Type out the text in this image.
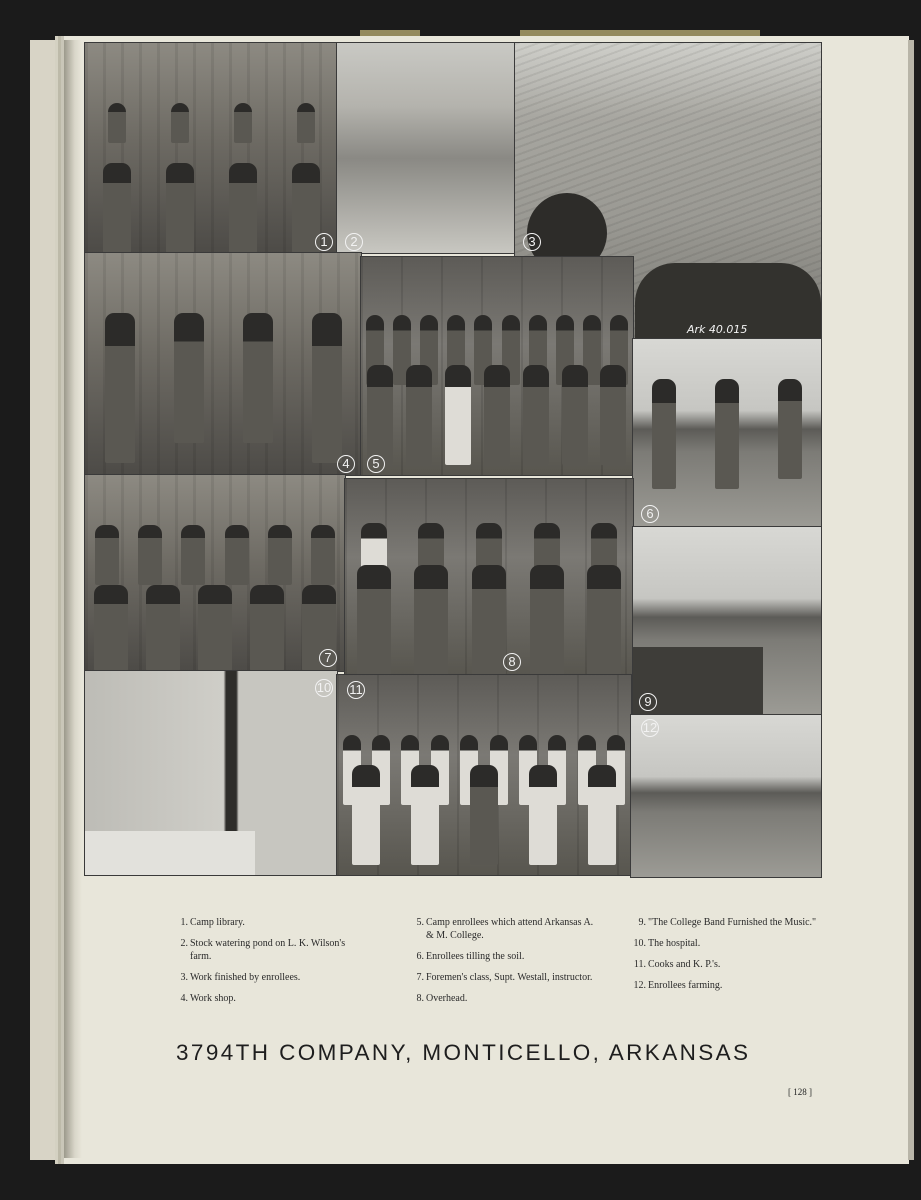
1	2	3
Ark 40.015
4	5
6
7	8
9
10 11
12
1. Camp library.
2. Stock watering pond on L. K. Wilson's farm.
3. Work finished by enrollees.
4. Work shop.
5. Camp enrollees which attend Arkansas A. & M. College.
6. Enrollees tilling the soil.
7. Foremen's class, Supt. Westall, instructor.
8. Overhead.
9. "The College Band Furnished the Music."
10. The hospital.
11. Cooks and K. P.'s.
12. Enrollees farming.
3794TH COMPANY, MONTICELLO, ARKANSAS
[ 128 ]
